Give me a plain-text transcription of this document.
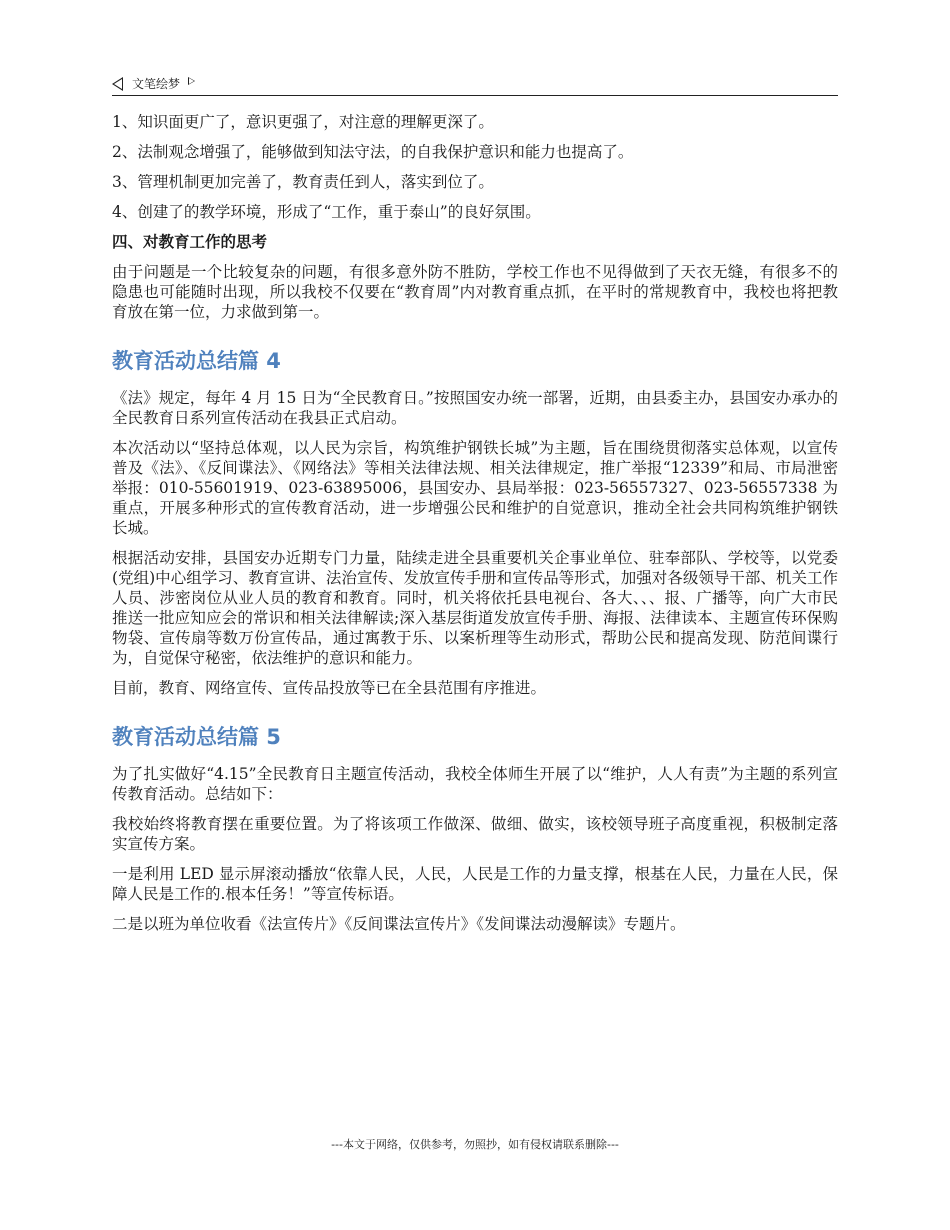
文笔绘梦

1、知识面更广了，意识更强了，对注意的理解更深了。

2、法制观念增强了，能够做到知法守法，的自我保护意识和能力也提高了。

3、管理机制更加完善了，教育责任到人，落实到位了。

4、创建了的教学环境，形成了“工作，重于泰山”的良好氛围。

四、对教育工作的思考

由于问题是一个比较复杂的问题，有很多意外防不胜防，学校工作也不见得做到了天衣无缝，有很多不的隐患也可能随时出现，所以我校不仅要在“教育周”内对教育重点抓，在平时的常规教育中，我校也将把教育放在第一位，力求做到第一。

教育活动总结篇 4

《法》规定，每年 4 月 15 日为“全民教育日。”按照国安办统一部署，近期，由县委主办，县国安办承办的全民教育日系列宣传活动在我县正式启动。

本次活动以“坚持总体观，以人民为宗旨，构筑维护钢铁长城”为主题，旨在围绕贯彻落实总体观，以宣传普及《法》、《反间谍法》、《网络法》等相关法律法规、相关法律规定，推广举报“12339”和局、市局泄密举报：010-55601919、023-63895006，县国安办、县局举报：023-56557327、023-56557338 为重点，开展多种形式的宣传教育活动，进一步增强公民和维护的自觉意识，推动全社会共同构筑维护钢铁长城。

根据活动安排，县国安办近期专门力量，陆续走进全县重要机关企事业单位、驻奉部队、学校等，以党委(党组)中心组学习、教育宣讲、法治宣传、发放宣传手册和宣传品等形式，加强对各级领导干部、机关工作人员、涉密岗位从业人员的教育和教育。同时，机关将依托县电视台、各大、、、报、广播等，向广大市民推送一批应知应会的常识和相关法律解读;深入基层街道发放宣传手册、海报、法律读本、主题宣传环保购物袋、宣传扇等数万份宣传品，通过寓教于乐、以案析理等生动形式，帮助公民和提高发现、防范间谍行为，自觉保守秘密，依法维护的意识和能力。

目前，教育、网络宣传、宣传品投放等已在全县范围有序推进。

教育活动总结篇 5

为了扎实做好“4.15”全民教育日主题宣传活动，我校全体师生开展了以“维护，人人有责”为主题的系列宣传教育活动。总结如下：

我校始终将教育摆在重要位置。为了将该项工作做深、做细、做实，该校领导班子高度重视，积极制定落实宣传方案。

一是利用 LED 显示屏滚动播放“依靠人民，人民，人民是工作的力量支撑，根基在人民，力量在人民，保障人民是工作的.根本任务！”等宣传标语。

二是以班为单位收看《法宣传片》《反间谍法宣传片》《发间谍法动漫解读》专题片。

---本文于网络，仅供参考，勿照抄，如有侵权请联系删除---
